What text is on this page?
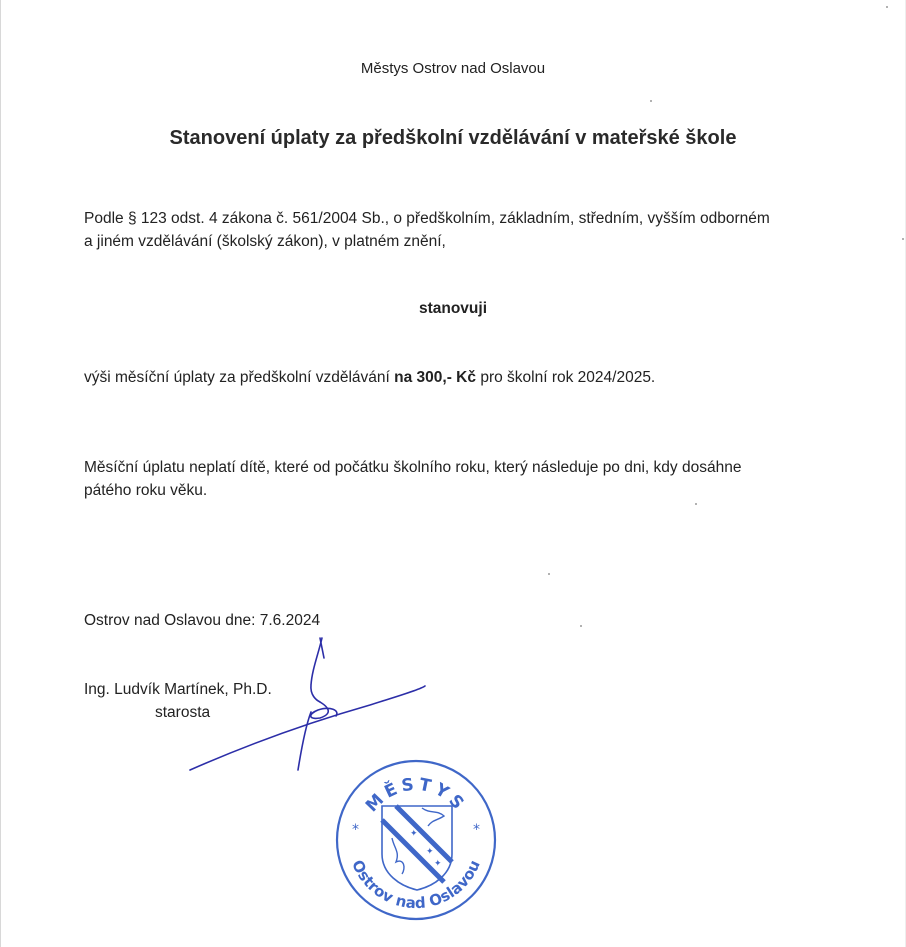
Městys Ostrov nad Oslavou
Stanovení úplaty za předškolní vzdělávání v mateřské škole
Podle § 123 odst. 4 zákona č. 561/2004 Sb., o předškolním, základním, středním, vyšším odborném
a jiném vzdělávání (školský zákon), v platném znění,
stanovuji
výši měsíční úplaty za předškolní vzdělávání na 300,- Kč pro školní rok 2024/2025.
Měsíční úplatu neplatí dítě, které od počátku školního roku, který následuje po dni, kdy dosáhne
pátého roku věku.
Ostrov nad Oslavou dne: 7.6.2024
Ing. Ludvík Martínek, Ph.D.
starosta
MĚSTYS
Ostrov nad Oslavou
*	*
✦
✦
✦
